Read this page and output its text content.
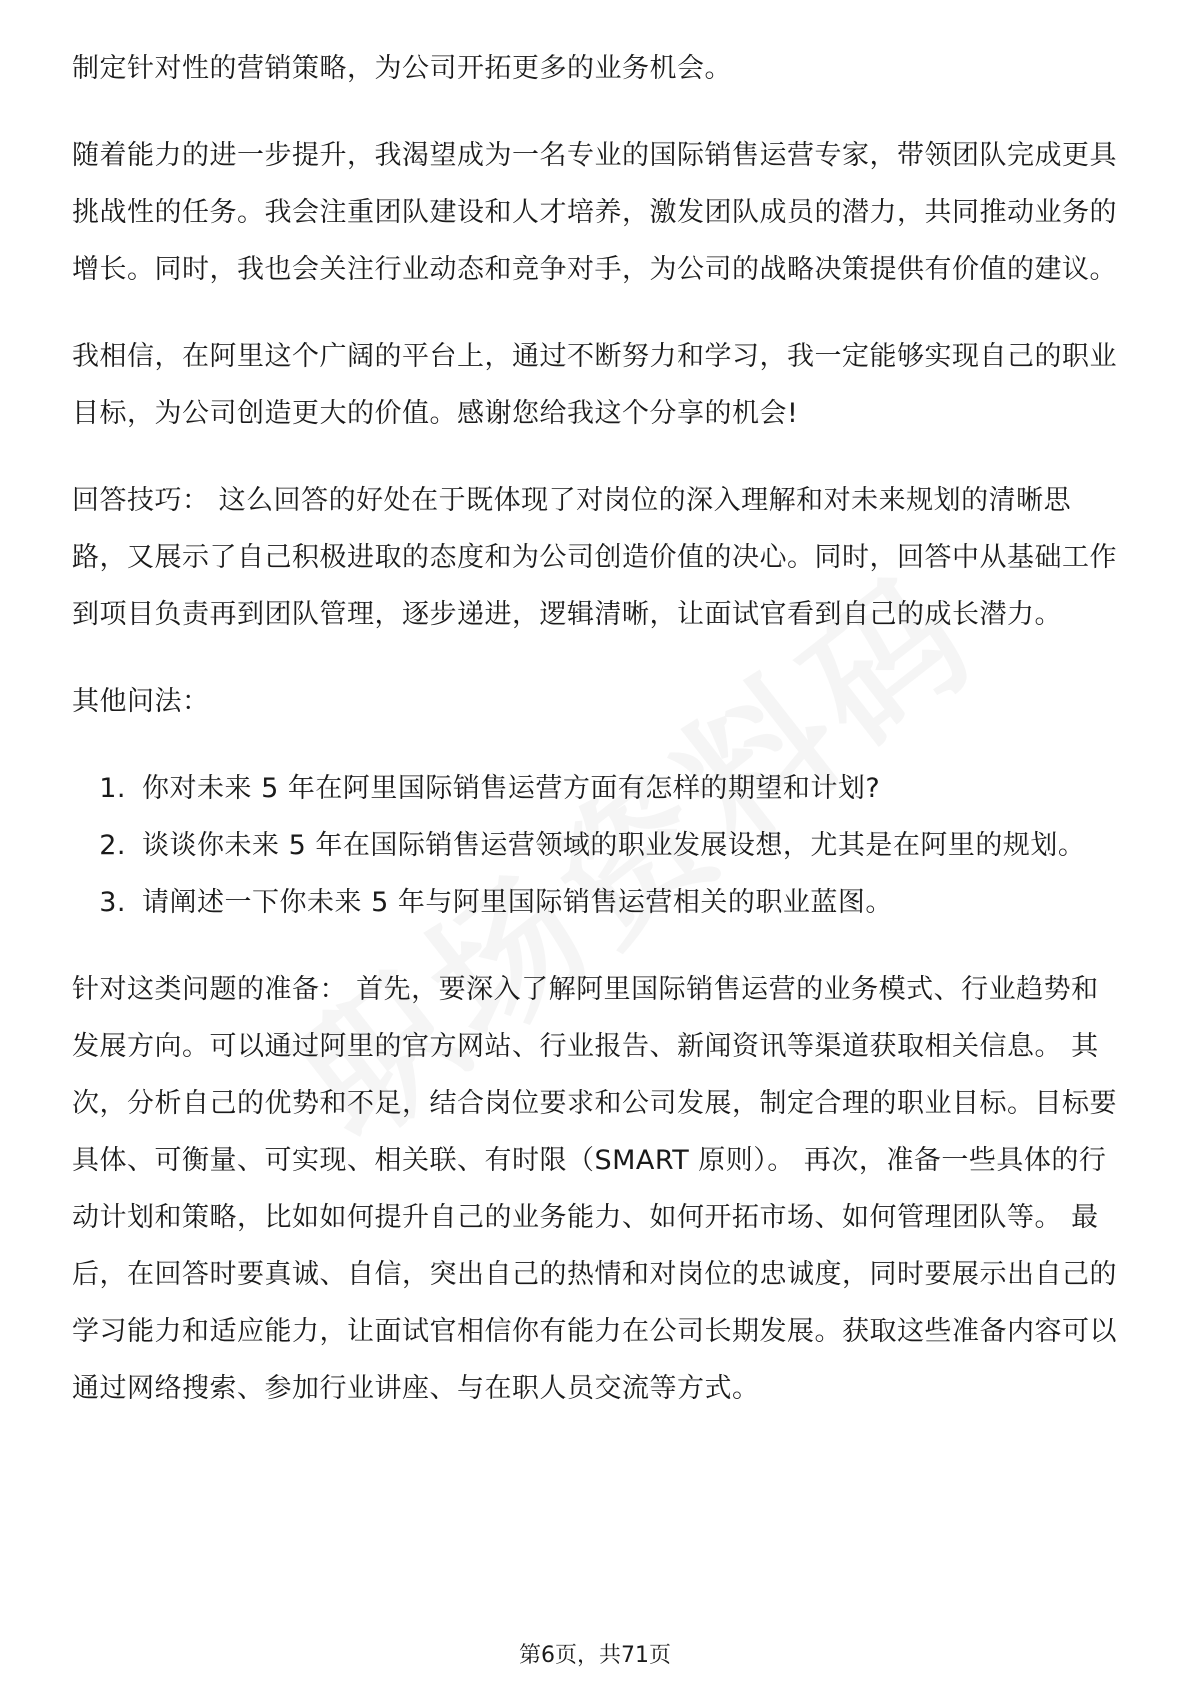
制定针对性的营销策略，为公司开拓更多的业务机会。

随着能力的进一步提升，我渴望成为一名专业的国际销售运营专家，带领团队完成更具挑战性的任务。我会注重团队建设和人才培养，激发团队成员的潜力，共同推动业务的增长。同时，我也会关注行业动态和竞争对手，为公司的战略决策提供有价值的建议。

我相信，在阿里这个广阔的平台上，通过不断努力和学习，我一定能够实现自己的职业目标，为公司创造更大的价值。感谢您给我这个分享的机会!

回答技巧： 这么回答的好处在于既体现了对岗位的深入理解和对未来规划的清晰思路，又展示了自己积极进取的态度和为公司创造价值的决心。同时，回答中从基础工作到项目负责再到团队管理，逐步递进，逻辑清晰，让面试官看到自己的成长潜力。

其他问法：

1. 你对未来 5 年在阿里国际销售运营方面有怎样的期望和计划?
2. 谈谈你未来 5 年在国际销售运营领域的职业发展设想，尤其是在阿里的规划。
3. 请阐述一下你未来 5 年与阿里国际销售运营相关的职业蓝图。

针对这类问题的准备： 首先，要深入了解阿里国际销售运营的业务模式、行业趋势和发展方向。可以通过阿里的官方网站、行业报告、新闻资讯等渠道获取相关信息。 其次，分析自己的优势和不足，结合岗位要求和公司发展，制定合理的职业目标。目标要具体、可衡量、可实现、相关联、有时限（SMART 原则）。 再次，准备一些具体的行动计划和策略，比如如何提升自己的业务能力、如何开拓市场、如何管理团队等。 最后，在回答时要真诚、自信，突出自己的热情和对岗位的忠诚度，同时要展示出自己的学习能力和适应能力，让面试官相信你有能力在公司长期发展。获取这些准备内容可以通过网络搜索、参加行业讲座、与在职人员交流等方式。

第6页，共71页
